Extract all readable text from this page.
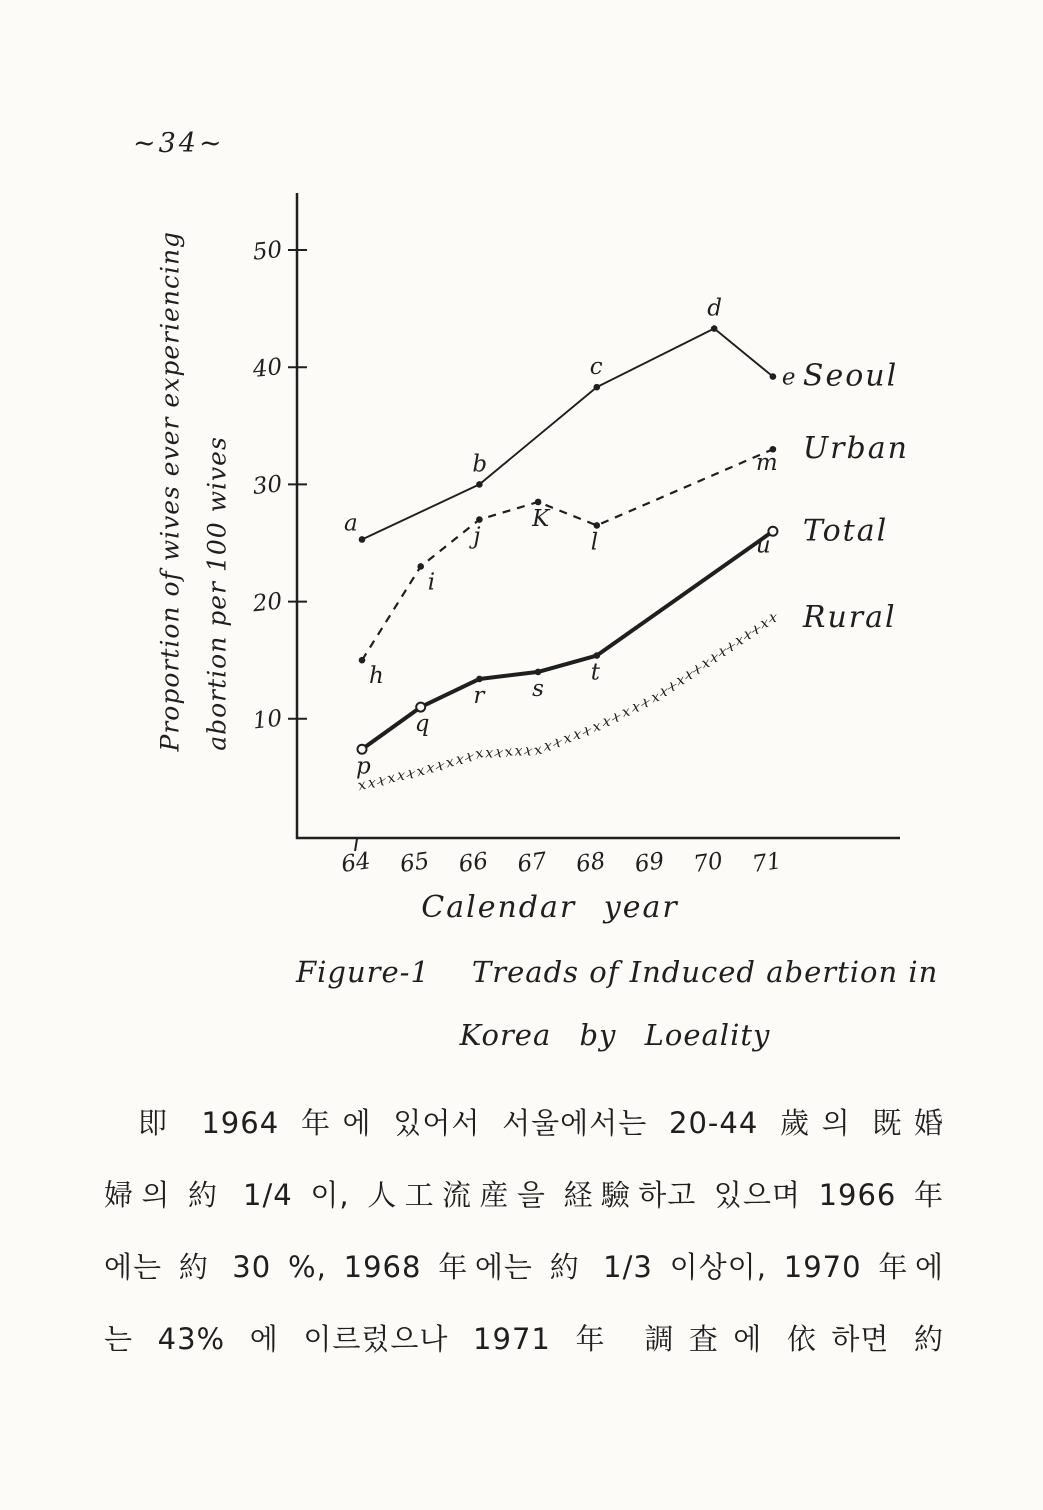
~34~
10
20
30
40
50
64 65 66 67 68 69 70 71
a
b
c
d
e Seoul
h
i
j
K
l
m Urban
p
q
r s
t
u Total
x x x
x x x
x x x
x x x
x x x
x x x
x x x
x x x
x x x
x x x
x
x
x
x
x
x
x
x x
x
x
x
x
x
x Rural
Proportion of wives ever experiencing abortion per 100 wives
Calendar year
Figure-1 Treads of Induced abertion in
Korea by Loeality
即 1964 年에 있어서 서울에서는 20-44 歲의 既婚
婦의 約 1/4 이, 人工流産을 経驗하고 있으며 1966 年
에는 約 30 %, 1968 年에는 約 1/3 이상이, 1970 年에
는 43% 에 이르렀으나 1971 年 調査에 依하면 約
